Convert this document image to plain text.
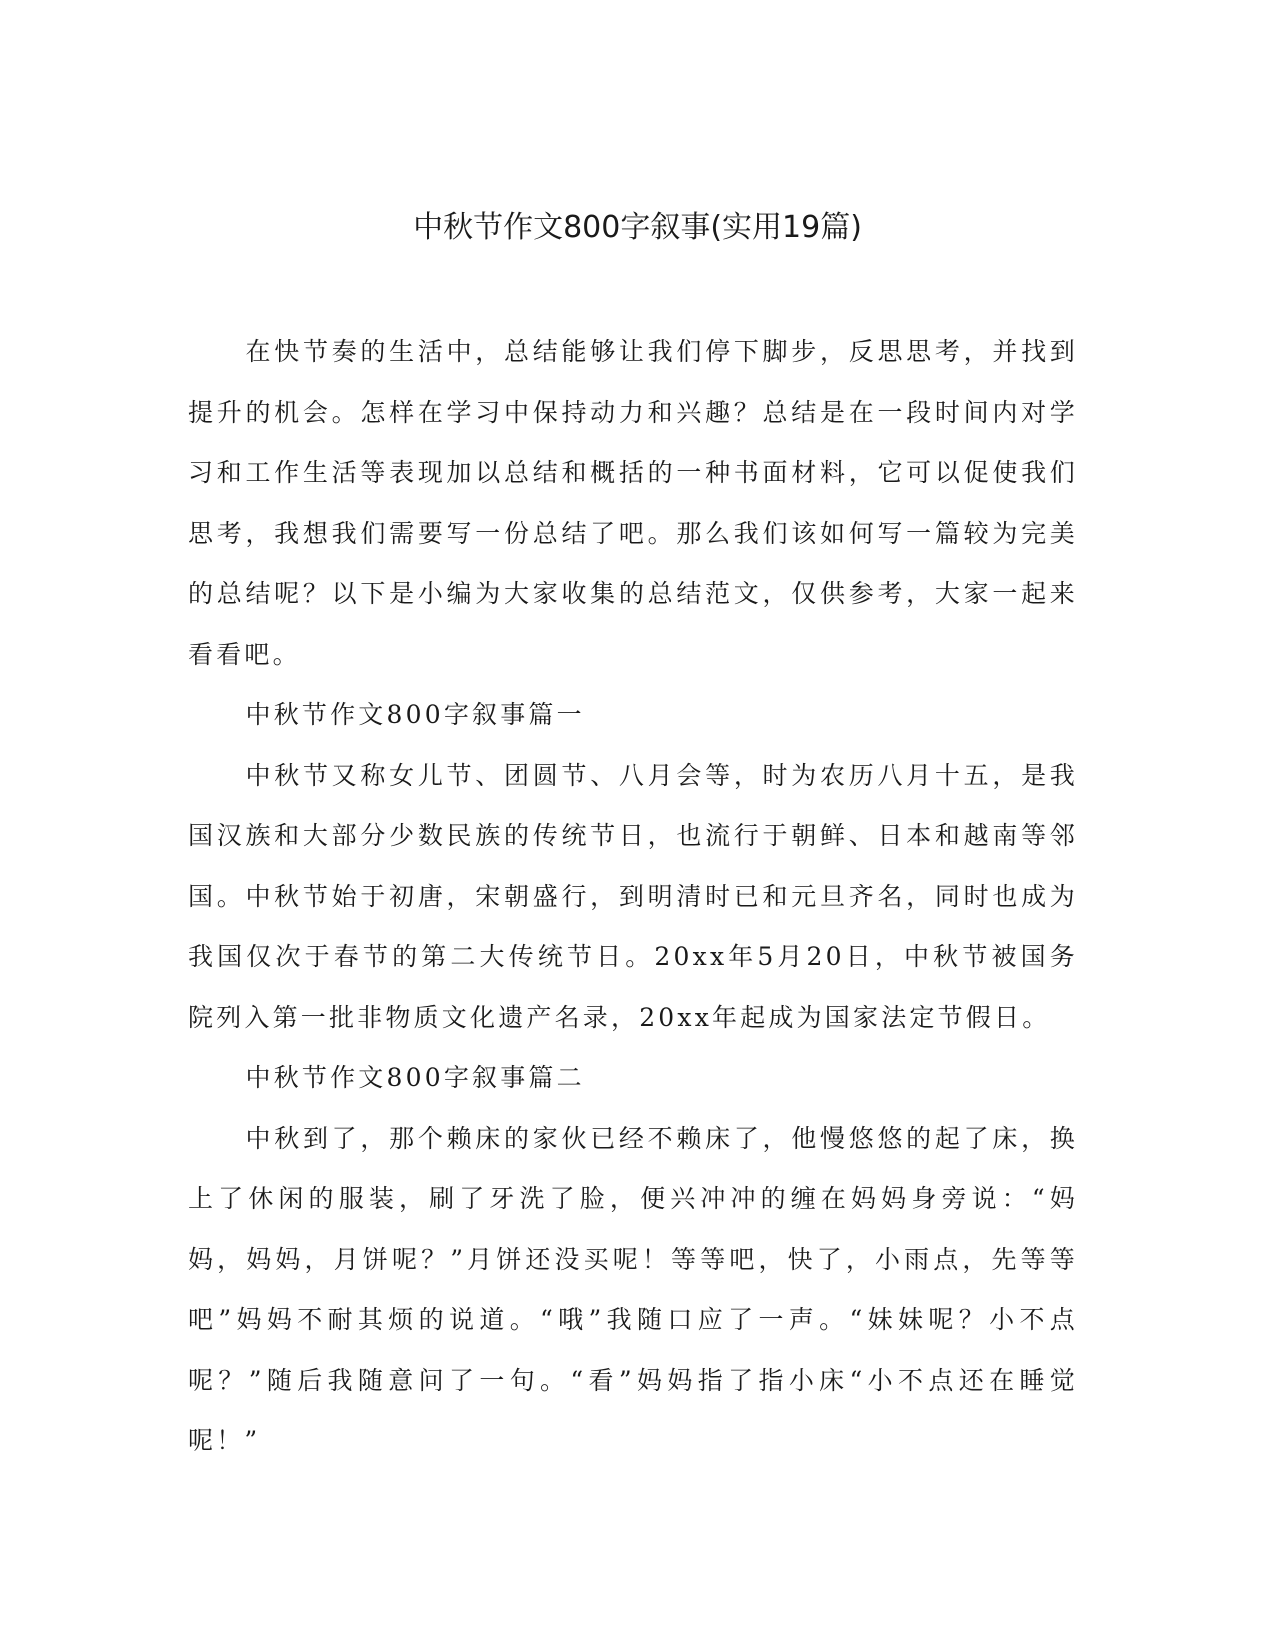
中秋节作文800字叙事(实用19篇)

在快节奏的生活中，总结能够让我们停下脚步，反思思考，并找到提升的机会。怎样在学习中保持动力和兴趣？总结是在一段时间内对学习和工作生活等表现加以总结和概括的一种书面材料，它可以促使我们思考，我想我们需要写一份总结了吧。那么我们该如何写一篇较为完美的总结呢？以下是小编为大家收集的总结范文，仅供参考，大家一起来看看吧。

中秋节作文800字叙事篇一

中秋节又称女儿节、团圆节、八月会等，时为农历八月十五，是我国汉族和大部分少数民族的传统节日，也流行于朝鲜、日本和越南等邻国。中秋节始于初唐，宋朝盛行，到明清时已和元旦齐名，同时也成为我国仅次于春节的第二大传统节日。20xx年5月20日，中秋节被国务院列入第一批非物质文化遗产名录，20xx年起成为国家法定节假日。

中秋节作文800字叙事篇二

中秋到了，那个赖床的家伙已经不赖床了，他慢悠悠的起了床，换上了休闲的服装，刷了牙洗了脸，便兴冲冲的缠在妈妈身旁说：“妈妈，妈妈，月饼呢？”月饼还没买呢！等等吧，快了，小雨点，先等等吧”妈妈不耐其烦的说道。“哦”我随口应了一声。“妹妹呢？小不点呢？”随后我随意问了一句。“看”妈妈指了指小床“小不点还在睡觉呢！”
